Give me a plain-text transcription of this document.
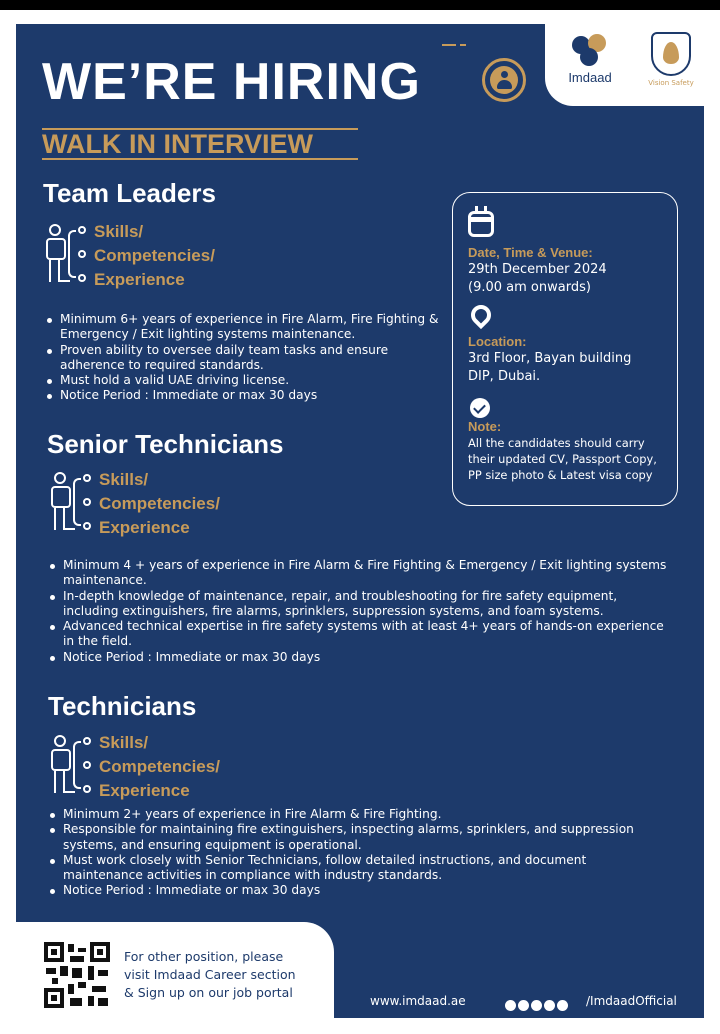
Imdaad	Vision Safety
WE’RE HIRING
WALK IN INTERVIEW
Team Leaders
Skills/
Competencies/
Experience
Minimum 6+ years of experience in Fire Alarm, Fire Fighting & Emergency / Exit lighting systems maintenance.
Proven ability to oversee daily team tasks and ensure adherence to required standards.
Must hold a valid UAE driving license.
Notice Period : Immediate or max 30 days
Senior Technicians
Skills/
Competencies/
Experience
Minimum 4 + years of experience in Fire Alarm & Fire Fighting & Emergency / Exit lighting systems maintenance.
In-depth knowledge of maintenance, repair, and troubleshooting for fire safety equipment, including extinguishers, fire alarms, sprinklers, suppression systems, and foam systems.
Advanced technical expertise in fire safety systems with at least 4+ years of hands-on experience in the field.
Notice Period : Immediate or max 30 days
Technicians
Skills/
Competencies/
Experience
Minimum 2+ years of experience in Fire Alarm & Fire Fighting.
Responsible for maintaining fire extinguishers, inspecting alarms, sprinklers, and suppression systems, and ensuring equipment is operational.
Must work closely with Senior Technicians, follow detailed instructions, and document maintenance activities in compliance with industry standards.
Notice Period : Immediate or max 30 days
Date, Time & Venue:
29th December 2024
(9.00 am onwards)
Location:
3rd Floor, Bayan building
DIP, Dubai.
Note:
All the candidates should carry
their updated CV, Passport Copy,
PP size photo & Latest visa copy
For other position, please
visit Imdaad Career section
& Sign up on our job portal
www.imdaad.ae	/ImdaadOfficial
